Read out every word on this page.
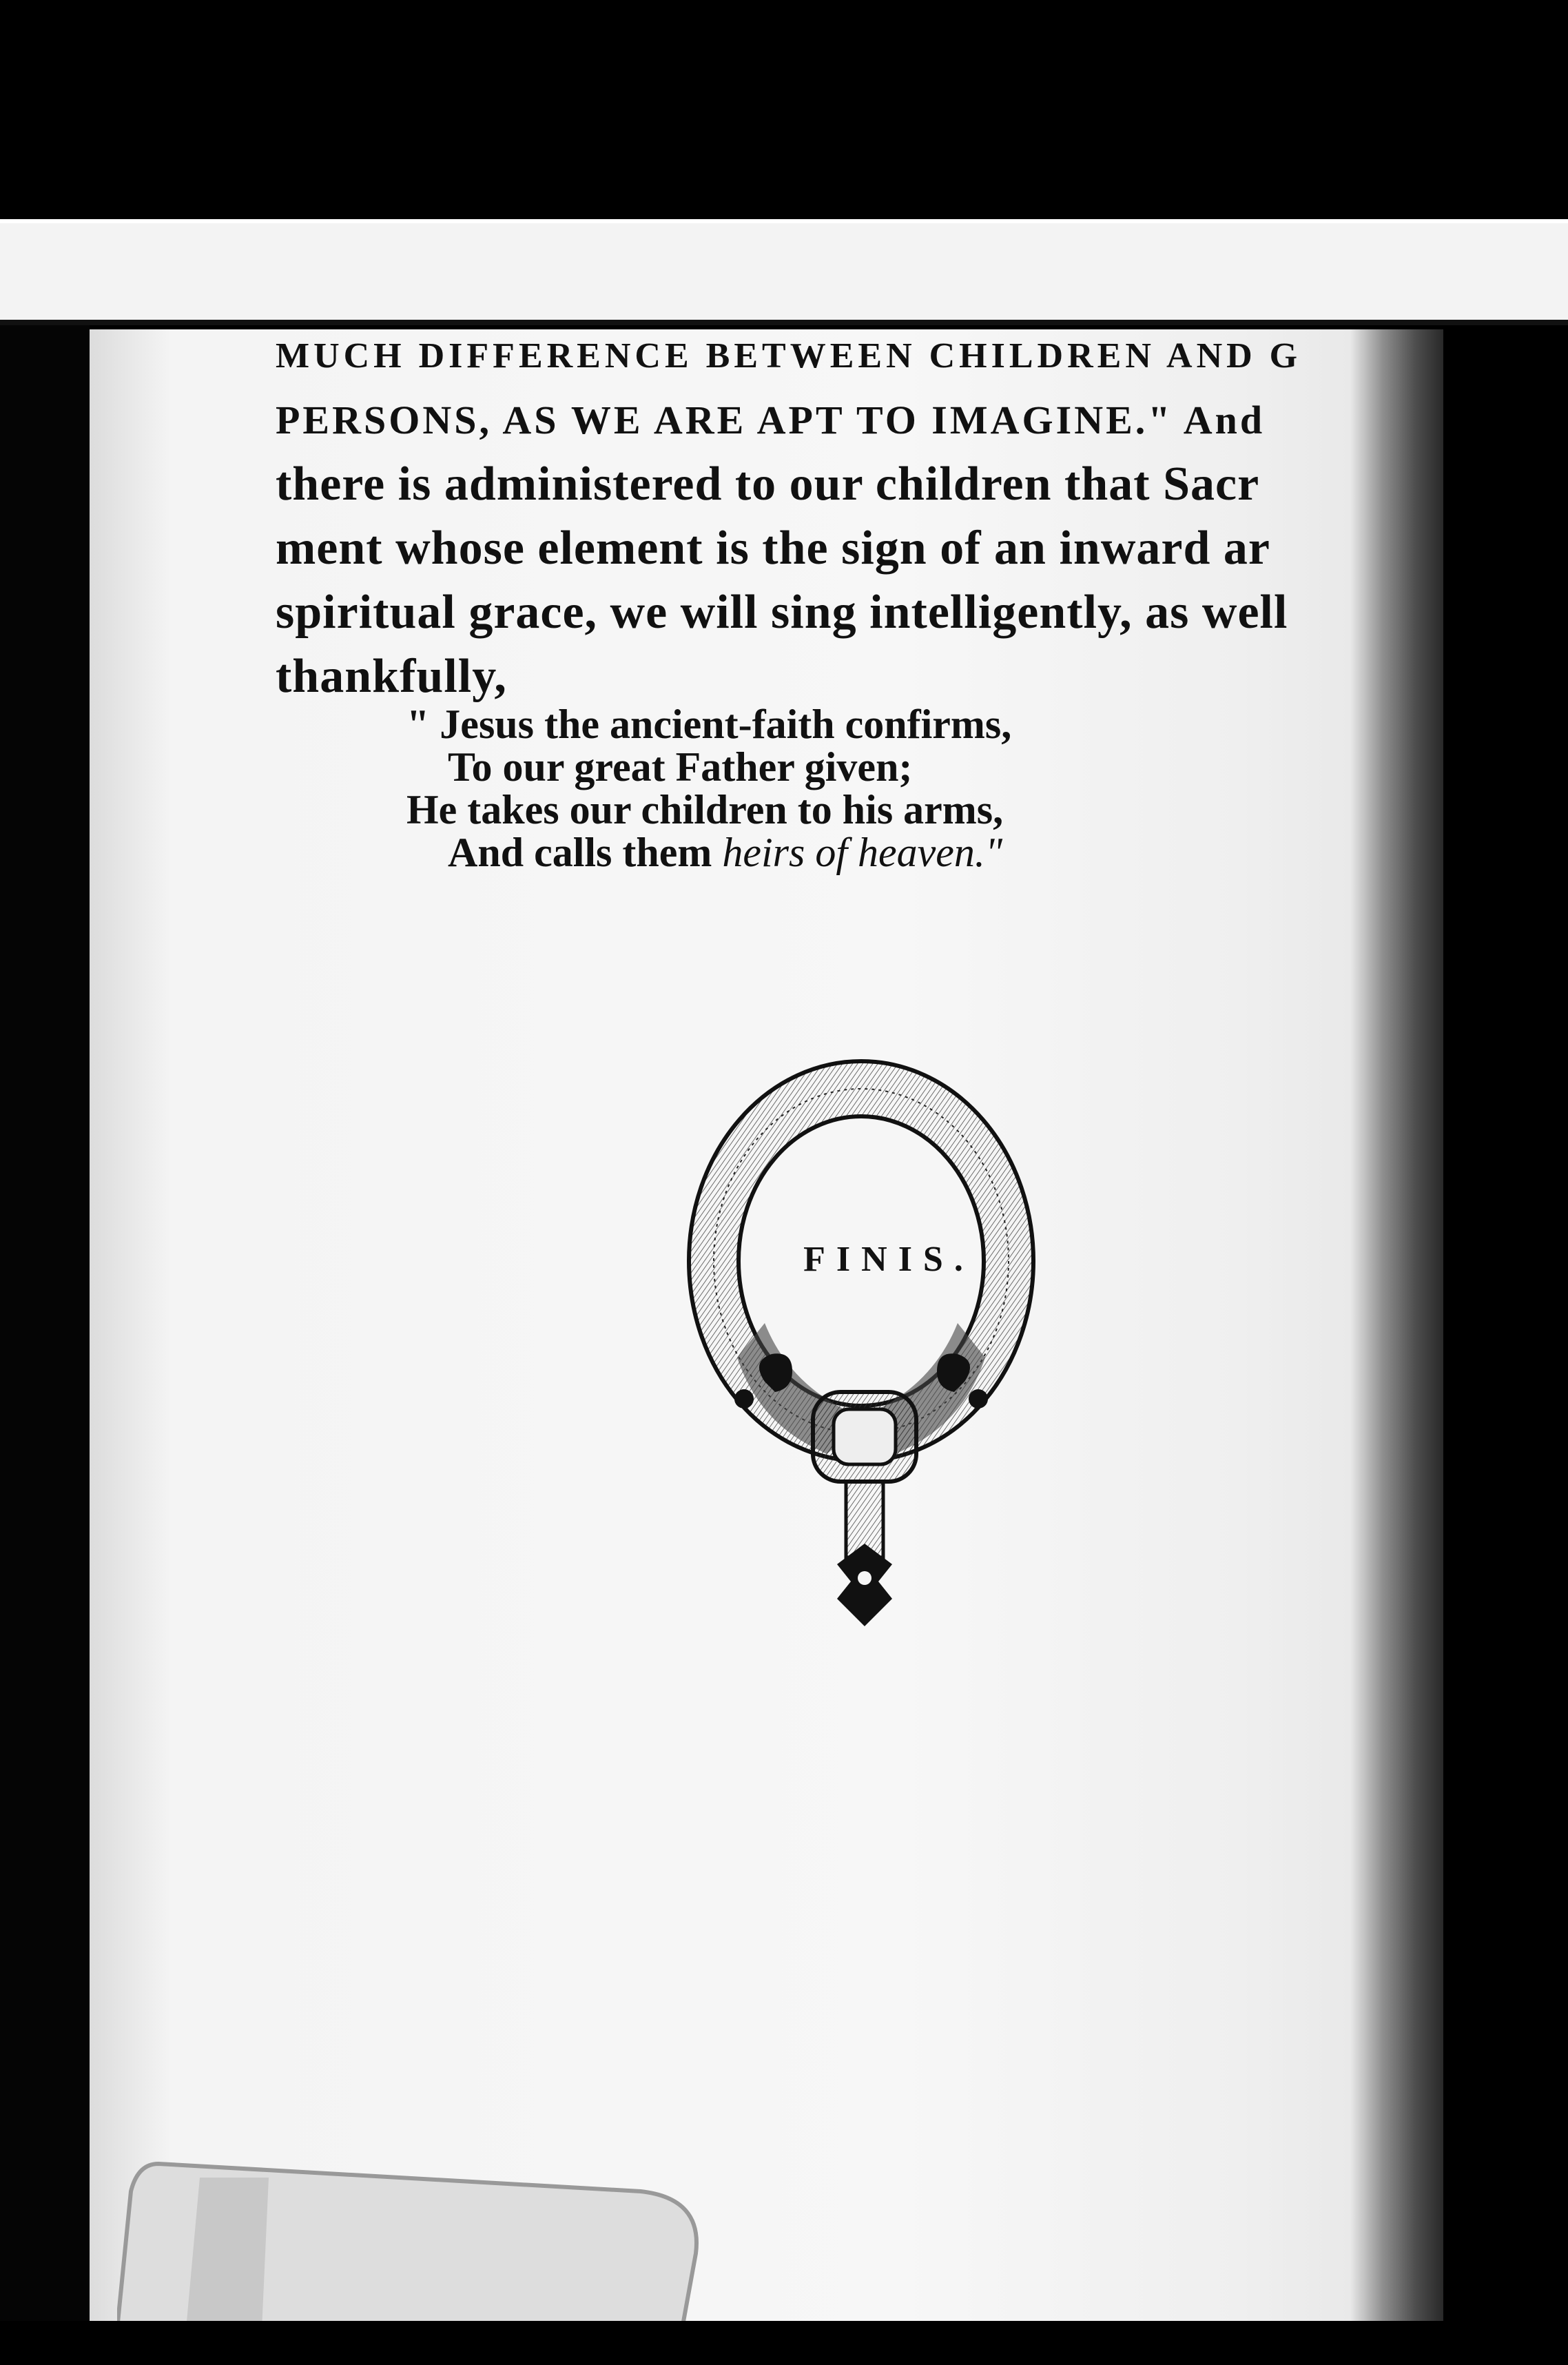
MUCH DIFFERENCE BETWEEN CHILDREN AND G
PERSONS, AS WE ARE APT TO IMAGINE." And
there is administered to our children that Sacr
ment whose element is the sign of an inward ar
spiritual grace, we will sing intelligently, as well
thankfully,
" Jesus the ancient-faith confirms,
To our great Father given;
He takes our children to his arms,
And calls them heirs of heaven."
FINIS.
